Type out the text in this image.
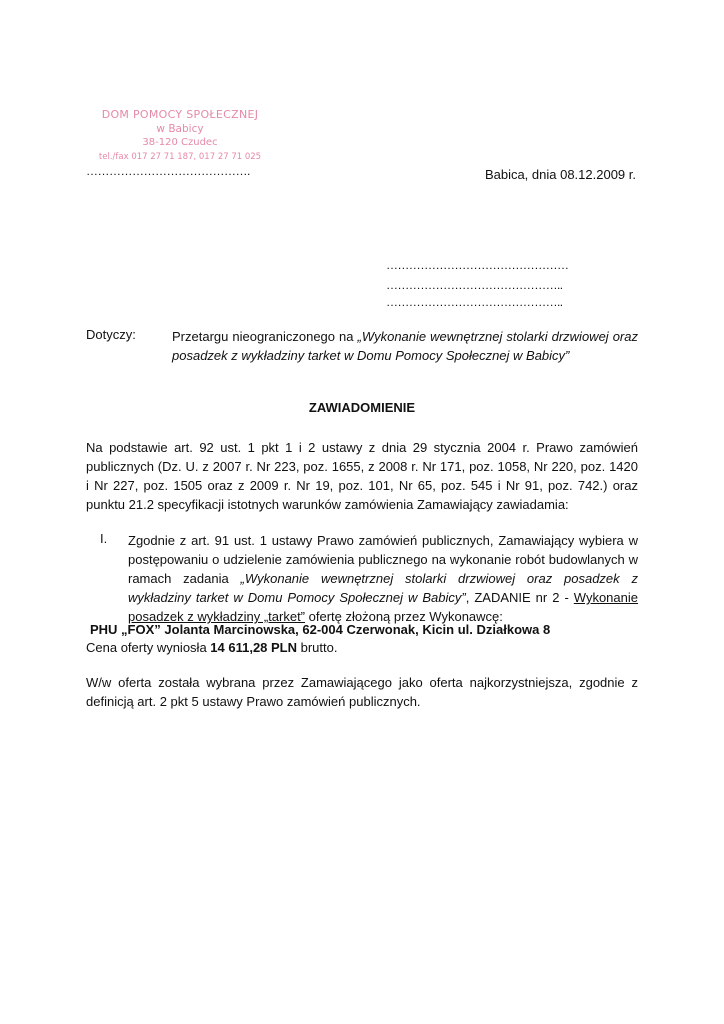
DOM POMOCY SPOŁECZNEJ
w Babicy
38-120 Czudec
tel./fax 017 27 71 187, 017 27 71 025
…………………………………….	Babica, dnia 08.12.2009 r.
…………………………………………
………………………………………..
………………………………………..
Dotyczy:	Przetargu nieograniczonego na „Wykonanie wewnętrznej stolarki drzwiowej oraz posadzek z wykładziny tarket w Domu Pomocy Społecznej w Babicy”
ZAWIADOMIENIE
Na podstawie art. 92 ust. 1 pkt 1 i 2 ustawy z dnia 29 stycznia 2004 r. Prawo zamówień publicznych (Dz. U. z 2007 r. Nr 223, poz. 1655, z 2008 r. Nr 171, poz. 1058, Nr 220, poz. 1420 i Nr 227, poz. 1505 oraz z 2009 r. Nr 19, poz. 101, Nr 65, poz. 545 i Nr 91, poz. 742.) oraz punktu 21.2 specyfikacji istotnych warunków zamówienia Zamawiający zawiadamia:
I. Zgodnie z art. 91 ust. 1 ustawy Prawo zamówień publicznych, Zamawiający wybiera w postępowaniu o udzielenie zamówienia publicznego na wykonanie robót budowlanych w ramach zadania „Wykonanie wewnętrznej stolarki drzwiowej oraz posadzek z wykładziny tarket w Domu Pomocy Społecznej w Babicy”, ZADANIE nr 2 - Wykonanie posadzek z wykładziny „tarket” ofertę złożoną przez Wykonawcę:
PHU „FOX” Jolanta Marcinowska, 62-004 Czerwonak, Kicin ul. Działkowa 8
Cena oferty wyniosła 14 611,28 PLN brutto.
W/w oferta została wybrana przez Zamawiającego jako oferta najkorzystniejsza, zgodnie z definicją art. 2 pkt 5 ustawy Prawo zamówień publicznych.
